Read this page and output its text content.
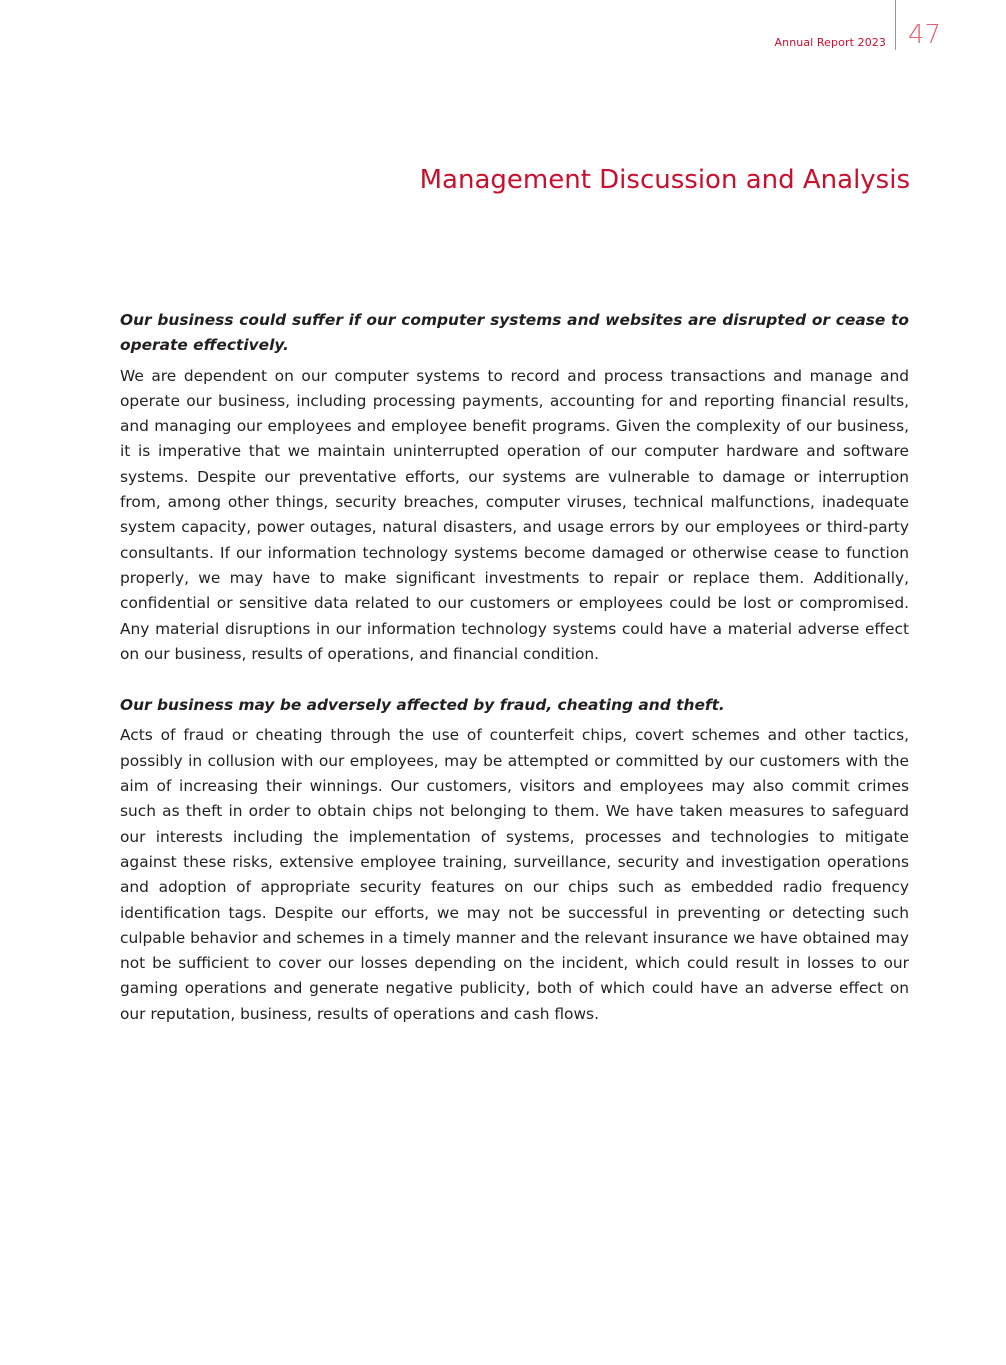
Annual Report 2023 47
Management Discussion and Analysis

Our business could suffer if our computer systems and websites are disrupted or cease to operate effectively.

We are dependent on our computer systems to record and process transactions and manage and operate our business, including processing payments, accounting for and reporting financial results, and managing our employees and employee benefit programs. Given the complexity of our business, it is imperative that we maintain uninterrupted operation of our computer hardware and software systems. Despite our preventative efforts, our systems are vulnerable to damage or interruption from, among other things, security breaches, computer viruses, technical malfunctions, inadequate system capacity, power outages, natural disasters, and usage errors by our employees or third-party consultants. If our information technology systems become damaged or otherwise cease to function properly, we may have to make significant investments to repair or replace them. Additionally, confidential or sensitive data related to our customers or employees could be lost or compromised. Any material disruptions in our information technology systems could have a material adverse effect on our business, results of operations, and financial condition.

Our business may be adversely affected by fraud, cheating and theft.

Acts of fraud or cheating through the use of counterfeit chips, covert schemes and other tactics, possibly in collusion with our employees, may be attempted or committed by our customers with the aim of increasing their winnings. Our customers, visitors and employees may also commit crimes such as theft in order to obtain chips not belonging to them. We have taken measures to safeguard our interests including the implementation of systems, processes and technologies to mitigate against these risks, extensive employee training, surveillance, security and investigation operations and adoption of appropriate security features on our chips such as embedded radio frequency identification tags. Despite our efforts, we may not be successful in preventing or detecting such culpable behavior and schemes in a timely manner and the relevant insurance we have obtained may not be sufficient to cover our losses depending on the incident, which could result in losses to our gaming operations and generate negative publicity, both of which could have an adverse effect on our reputation, business, results of operations and cash flows.
